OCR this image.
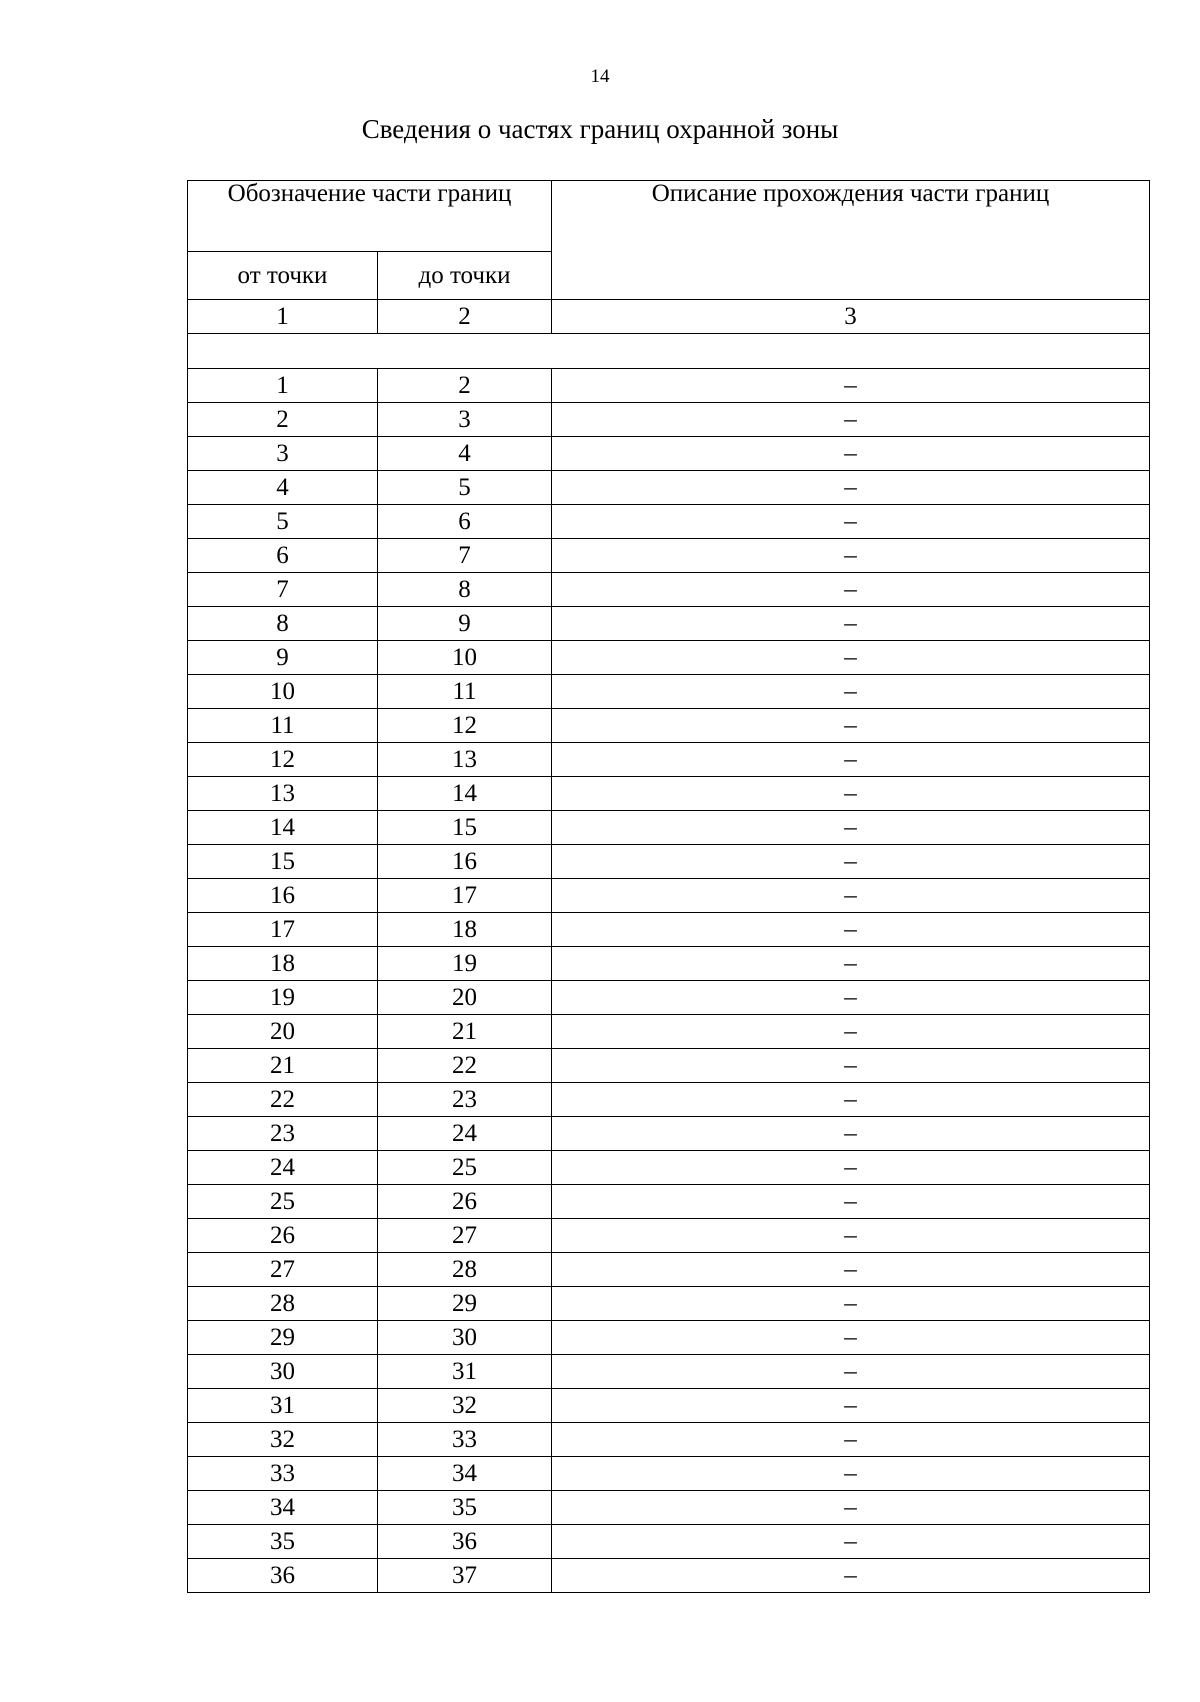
14
Сведения о частях границ охранной зоны
Обозначение части границ		Описание прохождения части границ
от точки	до точки	
1	2	3

1	2	–
2	3	–
3	4	–
4	5	–
5	6	–
6	7	–
7	8	–
8	9	–
9	10	–
10	11	–
11	12	–
12	13	–
13	14	–
14	15	–
15	16	–
16	17	–
17	18	–
18	19	–
19	20	–
20	21	–
21	22	–
22	23	–
23	24	–
24	25	–
25	26	–
26	27	–
27	28	–
28	29	–
29	30	–
30	31	–
31	32	–
32	33	–
33	34	–
34	35	–
35	36	–
36	37	–
